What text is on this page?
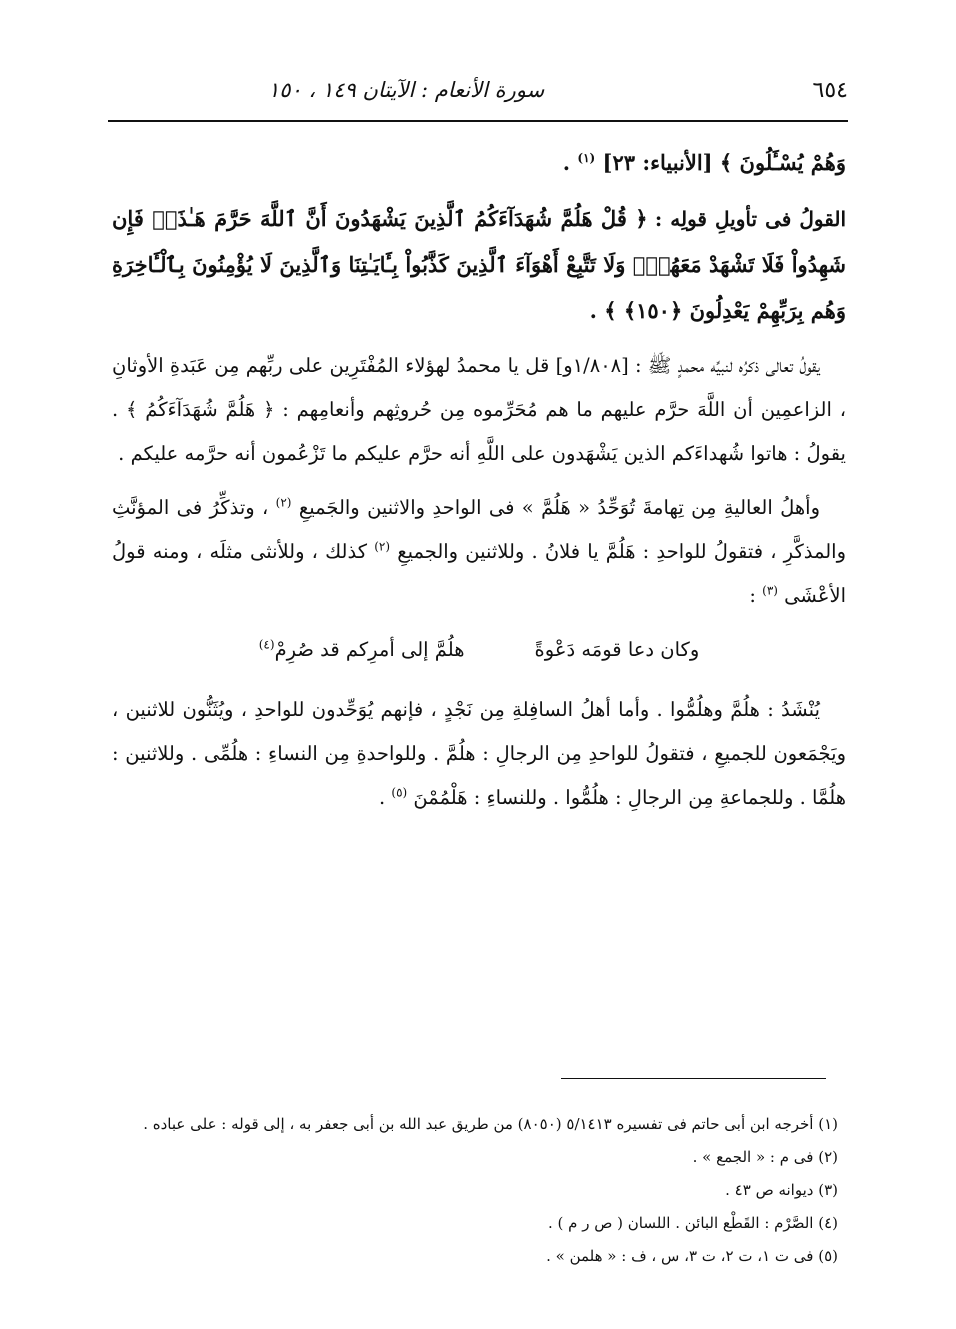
٦٥٤
سورة الأنعام : الآيتان ١٤٩ ، ١٥٠

وَهُمْ يُسْـَٔلُونَ ﴾ [الأنبياء: ٢٣] $^{(١)}$ .

القولُ فى تأويلِ قولِه : ﴿ قُلْ هَلُمَّ شُهَدَآءَكُمُ ٱلَّذِينَ يَشْهَدُونَ أَنَّ ٱللَّهَ حَرَّمَ هَـٰذَاۖ فَإِن شَهِدُواْ فَلَا تَشْهَدْ مَعَهُمْۚ وَلَا تَتَّبِعْ أَهْوَآءَ ٱلَّذِينَ كَذَّبُواْ بِـَٔايَـٰتِنَا وَٱلَّذِينَ لَا يُؤْمِنُونَ بِٱلْـَٔاخِرَةِ وَهُم بِرَبِّهِمْ يَعْدِلُونَ ﴿١٥٠﴾ ﴾ .

يقولُ تعالى ذكرُه لنبيِّه محمدٍ ﷺ : [١/٨٠٨و] قل يا محمدُ لهؤلاء المُفْتَرِين على ربِّهم مِن عَبَدةِ الأوثانِ ، الزاعمِين أن اللَّهَ حرَّم عليهم ما هم مُحَرِّموه مِن حُروثِهم وأنعامِهم : ﴿ هَلُمَّ شُهَدَآءَكُمُ ﴾ . يقولُ : هاتوا شُهداءَكم الذين يَشْهَدون على اللَّهِ أنه حرَّم عليكم ما تَزْعُمون أنه حرَّمه عليكم .

وأهلُ العاليةِ مِن تِهامةَ تُوَحِّدُ « هَلُمَّ » فى الواحدِ والاثنين والجَميعِ $^{(٢)}$ ، وتذكِّرُ فى المؤنَّثِ والمذكَّرِ ، فتقولُ للواحدِ : هَلُمَّ يا فلانُ . وللاثنين والجميعِ $^{(٢)}$ كذلك ، وللأنثى مثلَه ، ومنه قولُ الأعْشَى $^{(٣)}$ :

وكان دعا قومَه دَعْوةً
هلُمَّ إلى أمرِكم قد صُرِمْ$^{(٤)}$

يُنْشَدُ : هلُمَّ وهلُمُّوا . وأما أهلُ السافِلةِ مِن نَجْدٍ ، فإنهم يُوَحِّدون للواحدِ ، ويُثَنُّون للاثنين ، ويَجْمَعون للجميعِ ، فتقولُ للواحدِ مِن الرجالِ : هلُمَّ . وللواحدةِ مِن النساءِ : هلُمِّى . وللاثنين : هلُمَّا . وللجماعةِ مِن الرجالِ : هلُمُّوا . وللنساءِ : هَلْمُمْنَ $^{(٥)}$ .

(١) أخرجه ابن أبى حاتم فى تفسيره ٥/١٤١٣ (٨٠٥٠) من طريق عبد الله بن أبى جعفر به ، إلى قوله : على عباده .

(٢) فى م : « الجمع » .

(٣) ديوانه ص ٤٣ .

(٤) الصَّرْم : القَطْع البائن . اللسان ( ص ر م ) .

(٥) فى ت ١، ت ٢، ت ٣، س ، ف : « هلمن » .
